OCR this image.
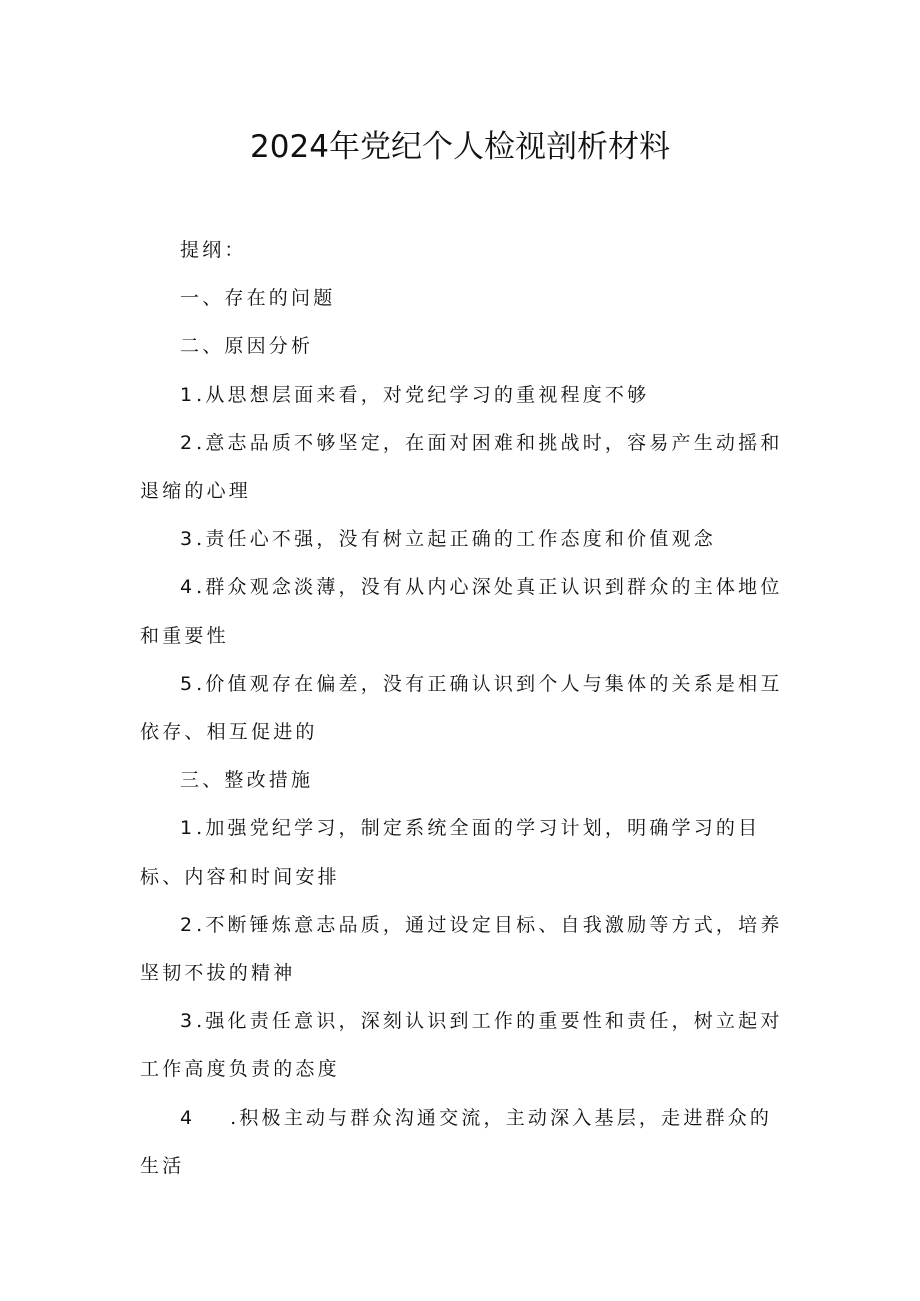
2024年党纪个人检视剖析材料

提纲：

一、存在的问题

二、原因分析

1 .从思想层面来看，对党纪学习的重视程度不够

2 .意志品质不够坚定，在面对困难和挑战时，容易产生动摇和退缩的心理

3 .责任心不强，没有树立起正确的工作态度和价值观念

4 .群众观念淡薄，没有从内心深处真正认识到群众的主体地位和重要性

5 .价值观存在偏差，没有正确认识到个人与集体的关系是相互依存、相互促进的

三、整改措施

1 .加强党纪学习，制定系统全面的学习计划，明确学习的目标、内容和时间安排

2 .不断锤炼意志品质，通过设定目标、自我激励等方式，培养坚韧不拔的精神

3 .强化责任意识，深刻认识到工作的重要性和责任，树立起对工作高度负责的态度

4 .积极主动与群众沟通交流，主动深入基层，走进群众的生活
